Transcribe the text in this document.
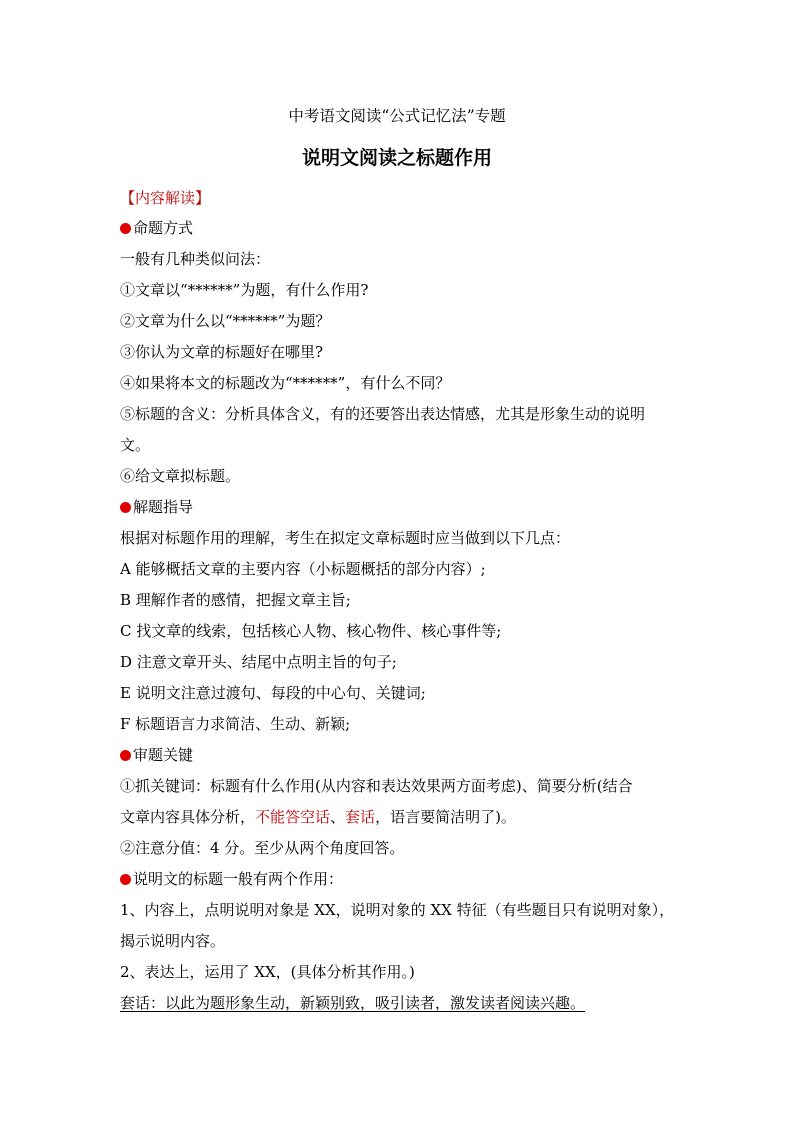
中考语文阅读“公式记忆法”专题
说明文阅读之标题作用
【内容解读】
命题方式
一般有几种类似问法：
①文章以“******”为题，有什么作用?
②文章为什么以“******”为题？
③你认为文章的标题好在哪里?
④如果将本文的标题改为“******”，有什么不同？
⑤标题的含义：分析具体含义，有的还要答出表达情感，尤其是形象生动的说明
文。
⑥给文章拟标题。
解题指导
根据对标题作用的理解，考生在拟定文章标题时应当做到以下几点：
A 能够概括文章的主要内容（小标题概括的部分内容）;
B 理解作者的感情，把握文章主旨;
C 找文章的线索，包括核心人物、核心物件、核心事件等;
D 注意文章开头、结尾中点明主旨的句子;
E 说明文注意过渡句、每段的中心句、关键词;
F 标题语言力求简洁、生动、新颖;
审题关键
①抓关键词：标题有什么作用(从内容和表达效果两方面考虑)、简要分析(结合
文章内容具体分析，不能答空话、套话，语言要简洁明了)。
②注意分值：4 分。至少从两个角度回答。
说明文的标题一般有两个作用：
1、内容上，点明说明对象是 XX，说明对象的 XX 特征（有些题目只有说明对象），
揭示说明内容。
2、表达上，运用了 XX，(具体分析其作用。)
套话：以此为题形象生动，新颖别致，吸引读者，激发读者阅读兴趣。
